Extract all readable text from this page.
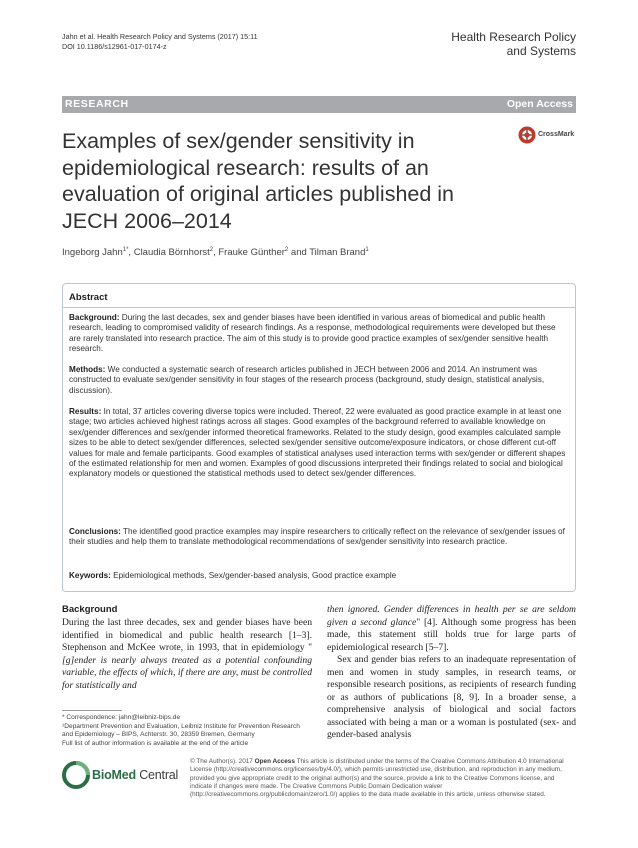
Jahn et al. Health Research Policy and Systems (2017) 15:11
DOI 10.1186/s12961-017-0174-z
Health Research Policy
and Systems
RESEARCH	Open Access
Examples of sex/gender sensitivity in epidemiological research: results of an evaluation of original articles published in JECH 2006–2014
CrossMark
Ingeborg Jahn$^{1*}$, Claudia Börnhorst$^2$, Frauke Günther$^2$ and Tilman Brand$^1$
Abstract
Background: During the last decades, sex and gender biases have been identified in various areas of biomedical and public health research, leading to compromised validity of research findings. As a response, methodological requirements were developed but these are rarely translated into research practice. The aim of this study is to provide good practice examples of sex/gender sensitive health research.
Methods: We conducted a systematic search of research articles published in JECH between 2006 and 2014. An instrument was constructed to evaluate sex/gender sensitivity in four stages of the research process (background, study design, statistical analysis, discussion).
Results: In total, 37 articles covering diverse topics were included. Thereof, 22 were evaluated as good practice example in at least one stage; two articles achieved highest ratings across all stages. Good examples of the background referred to available knowledge on sex/gender differences and sex/gender informed theoretical frameworks. Related to the study design, good examples calculated sample sizes to be able to detect sex/gender differences, selected sex/gender sensitive outcome/exposure indicators, or chose different cut-off values for male and female participants. Good examples of statistical analyses used interaction terms with sex/gender or different shapes of the estimated relationship for men and women. Examples of good discussions interpreted their findings related to social and biological explanatory models or questioned the statistical methods used to detect sex/gender differences.
Conclusions: The identified good practice examples may inspire researchers to critically reflect on the relevance of sex/gender issues of their studies and help them to translate methodological recommendations of sex/gender sensitivity into research practice.
Keywords: Epidemiological methods, Sex/gender-based analysis, Good practice example
Background
During the last three decades, sex and gender biases have been identified in biomedical and public health research [1–3]. Stephenson and McKee wrote, in 1993, that in epidemiology "[g]ender is nearly always treated as a potential confounding variable, the effects of which, if there are any, must be controlled for statistically and

then ignored. Gender differences in health per se are seldom given a second glance" [4]. Although some progress has been made, this statement still holds true for large parts of epidemiological research [5–7].

Sex and gender bias refers to an inadequate representation of men and women in study samples, in research teams, or responsible research positions, as recipients of research funding or as authors of publications [8, 9]. In a broader sense, a comprehensive analysis of biological and social factors associated with being a man or a woman is postulated (sex- and gender-based analysis

* Correspondence: jahn@leibniz-bips.de
¹Department Prevention and Evaluation, Leibniz Institute for Prevention Research and Epidemiology – BIPS, Achterstr. 30, 28359 Bremen, Germany
Full list of author information is available at the end of the article
BioMed Central
© The Author(s). 2017 Open Access This article is distributed under the terms of the Creative Commons Attribution 4.0 International License (http://creativecommons.org/licenses/by/4.0/), which permits unrestricted use, distribution, and reproduction in any medium, provided you give appropriate credit to the original author(s) and the source, provide a link to the Creative Commons license, and indicate if changes were made. The Creative Commons Public Domain Dedication waiver (http://creativecommons.org/publicdomain/zero/1.0/) applies to the data made available in this article, unless otherwise stated.
